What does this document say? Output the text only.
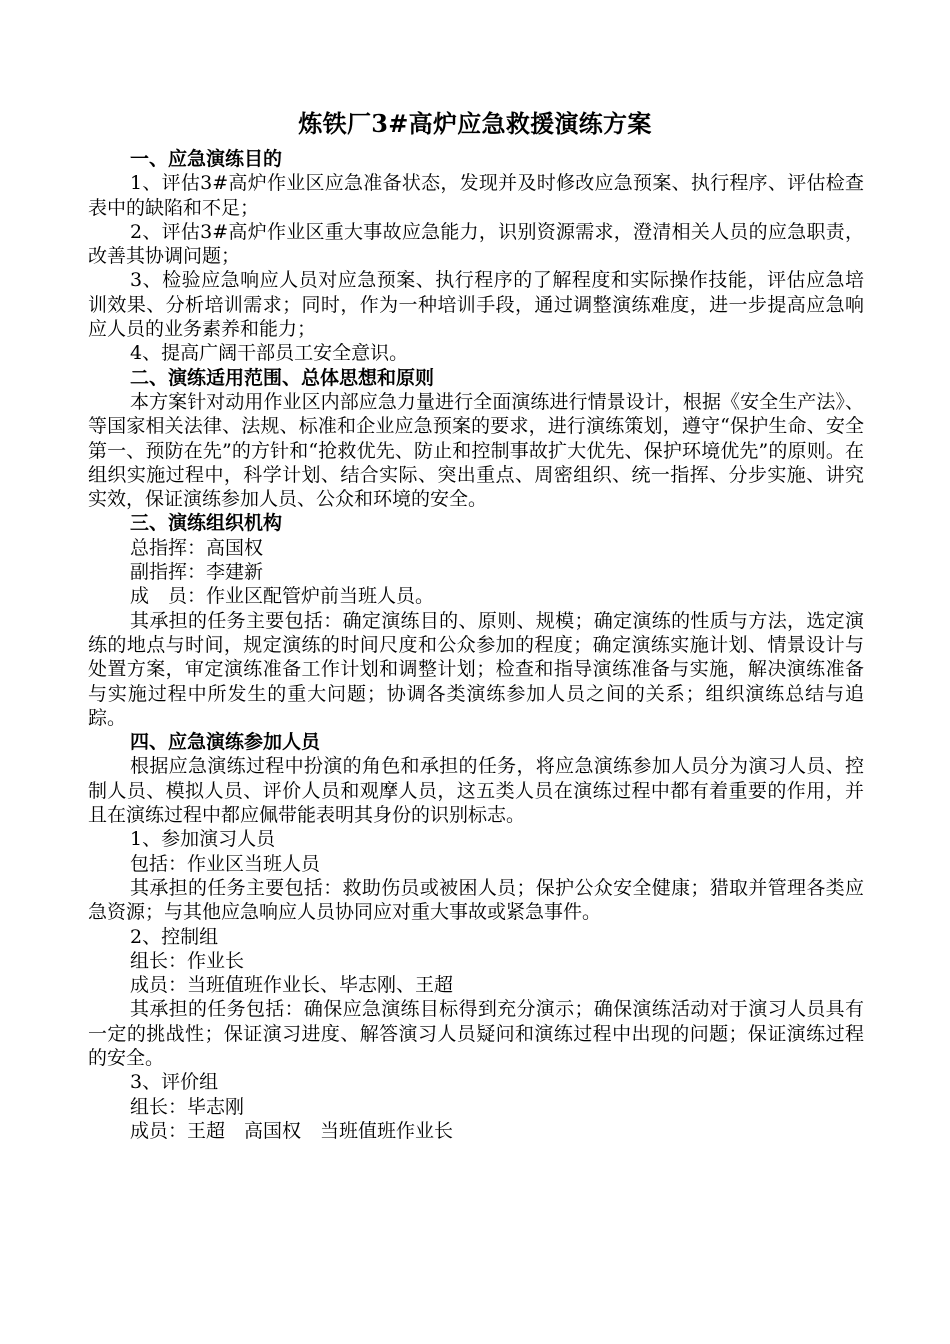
炼铁厂3#高炉应急救援演练方案

一、应急演练目的

1、评估3#高炉作业区应急准备状态，发现并及时修改应急预案、执行程序、评估检查表中的缺陷和不足；

2、评估3#高炉作业区重大事故应急能力，识别资源需求，澄清相关人员的应急职责，改善其协调问题；

3、检验应急响应人员对应急预案、执行程序的了解程度和实际操作技能，评估应急培训效果、分析培训需求；同时，作为一种培训手段，通过调整演练难度，进一步提高应急响应人员的业务素养和能力；

4、提高广阔干部员工安全意识。

二、演练适用范围、总体思想和原则

本方案针对动用作业区内部应急力量进行全面演练进行情景设计，根据《安全生产法》、等国家相关法律、法规、标准和企业应急预案的要求，进行演练策划，遵守“保护生命、安全第一、预防在先”的方针和“抢救优先、防止和控制事故扩大优先、保护环境优先”的原则。在组织实施过程中，科学计划、结合实际、突出重点、周密组织、统一指挥、分步实施、讲究实效，保证演练参加人员、公众和环境的安全。

三、演练组织机构

总指挥：高国权

副指挥：李建新

成　员：作业区配管炉前当班人员。

其承担的任务主要包括：确定演练目的、原则、规模；确定演练的性质与方法，选定演练的地点与时间，规定演练的时间尺度和公众参加的程度；确定演练实施计划、情景设计与处置方案，审定演练准备工作计划和调整计划；检查和指导演练准备与实施，解决演练准备与实施过程中所发生的重大问题；协调各类演练参加人员之间的关系；组织演练总结与追踪。

四、应急演练参加人员

根据应急演练过程中扮演的角色和承担的任务，将应急演练参加人员分为演习人员、控制人员、模拟人员、评价人员和观摩人员，这五类人员在演练过程中都有着重要的作用，并且在演练过程中都应佩带能表明其身份的识别标志。

1、参加演习人员

包括：作业区当班人员

其承担的任务主要包括：救助伤员或被困人员；保护公众安全健康；猎取并管理各类应急资源；与其他应急响应人员协同应对重大事故或紧急事件。

2、控制组

组长：作业长

成员：当班值班作业长、毕志刚、王超

其承担的任务包括：确保应急演练目标得到充分演示；确保演练活动对于演习人员具有一定的挑战性；保证演习进度、解答演习人员疑问和演练过程中出现的问题；保证演练过程的安全。

3、评价组

组长：毕志刚

成员：王超　高国权　当班值班作业长
